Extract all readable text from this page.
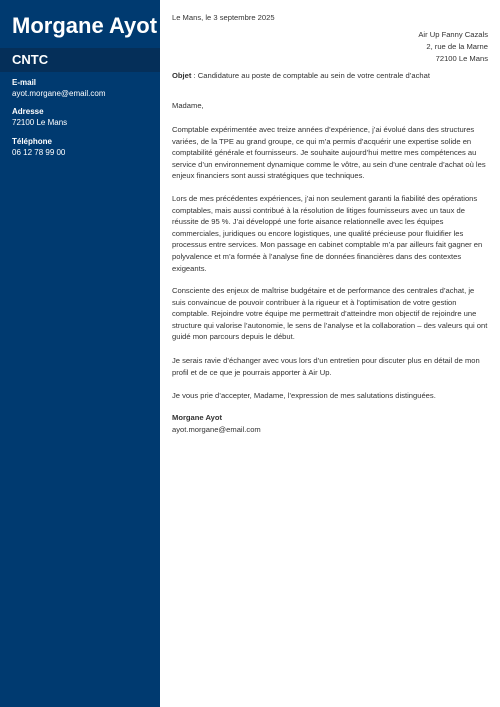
Morgane Ayot
CNTC
E-mail
ayot.morgane@email.com
Adresse
72100 Le Mans
Téléphone
06 12 78 99 00
Le Mans, le 3 septembre 2025
Air Up Fanny Cazals
2, rue de la Marne
72100 Le Mans
Objet : Candidature au poste de comptable au sein de votre centrale d’achat

Madame,

Comptable expérimentée avec treize années d’expérience, j’ai évolué dans des structures variées, de la TPE au grand groupe, ce qui m’a permis d’acquérir une expertise solide en comptabilité générale et fournisseurs. Je souhaite aujourd’hui mettre mes compétences au service d’un environnement dynamique comme le vôtre, au sein d’une centrale d’achat où les enjeux financiers sont aussi stratégiques que techniques.

Lors de mes précédentes expériences, j’ai non seulement garanti la fiabilité des opérations comptables, mais aussi contribué à la résolution de litiges fournisseurs avec un taux de réussite de 95 %. J’ai développé une forte aisance relationnelle avec les équipes commerciales, juridiques ou encore logistiques, une qualité précieuse pour fluidifier les processus entre services. Mon passage en cabinet comptable m’a par ailleurs fait gagner en polyvalence et m’a formée à l’analyse fine de données financières dans des contextes exigeants.

Consciente des enjeux de maîtrise budgétaire et de performance des centrales d’achat, je suis convaincue de pouvoir contribuer à la rigueur et à l’optimisation de votre gestion comptable. Rejoindre votre équipe me permettrait d’atteindre mon objectif de rejoindre une structure qui valorise l’autonomie, le sens de l’analyse et la collaboration – des valeurs qui ont guidé mon parcours depuis le début.

Je serais ravie d’échanger avec vous lors d’un entretien pour discuter plus en détail de mon profil et de ce que je pourrais apporter à Air Up.

Je vous prie d’accepter, Madame, l’expression de mes salutations distinguées.

Morgane Ayot
ayot.morgane@email.com
